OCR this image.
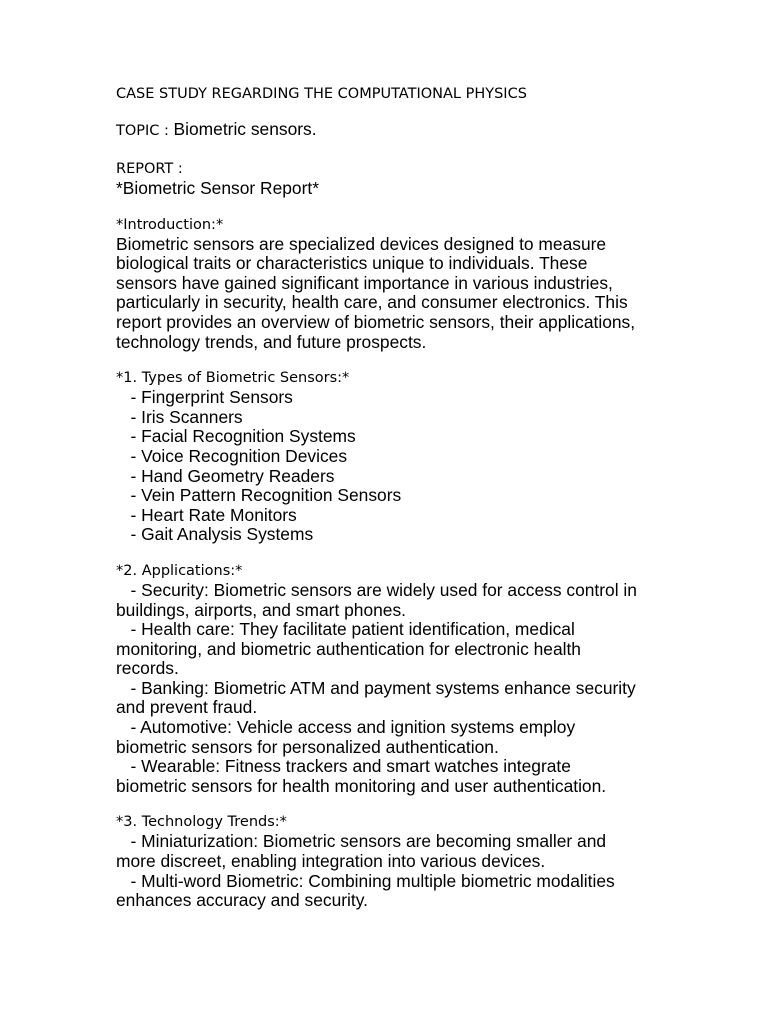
CASE STUDY REGARDING THE COMPUTATIONAL PHYSICS

TOPIC : Biometric sensors.

REPORT :

*Biometric Sensor Report*

*Introduction:*

Biometric sensors are specialized devices designed to measure biological traits or characteristics unique to individuals. These sensors have gained significant importance in various industries, particularly in security, health care, and consumer electronics. This report provides an overview of biometric sensors, their applications, technology trends, and future prospects.

*1. Types of Biometric Sensors:*

- Fingerprint Sensors

- Iris Scanners

- Facial Recognition Systems

- Voice Recognition Devices

- Hand Geometry Readers

- Vein Pattern Recognition Sensors

- Heart Rate Monitors

- Gait Analysis Systems

*2. Applications:*

- Security: Biometric sensors are widely used for access control in buildings, airports, and smart phones.

- Health care: They facilitate patient identification, medical monitoring, and biometric authentication for electronic health records.

- Banking: Biometric ATM and payment systems enhance security and prevent fraud.

- Automotive: Vehicle access and ignition systems employ biometric sensors for personalized authentication.

- Wearable: Fitness trackers and smart watches integrate biometric sensors for health monitoring and user authentication.

*3. Technology Trends:*

- Miniaturization: Biometric sensors are becoming smaller and more discreet, enabling integration into various devices.

- Multi-word Biometric: Combining multiple biometric modalities enhances accuracy and security.
